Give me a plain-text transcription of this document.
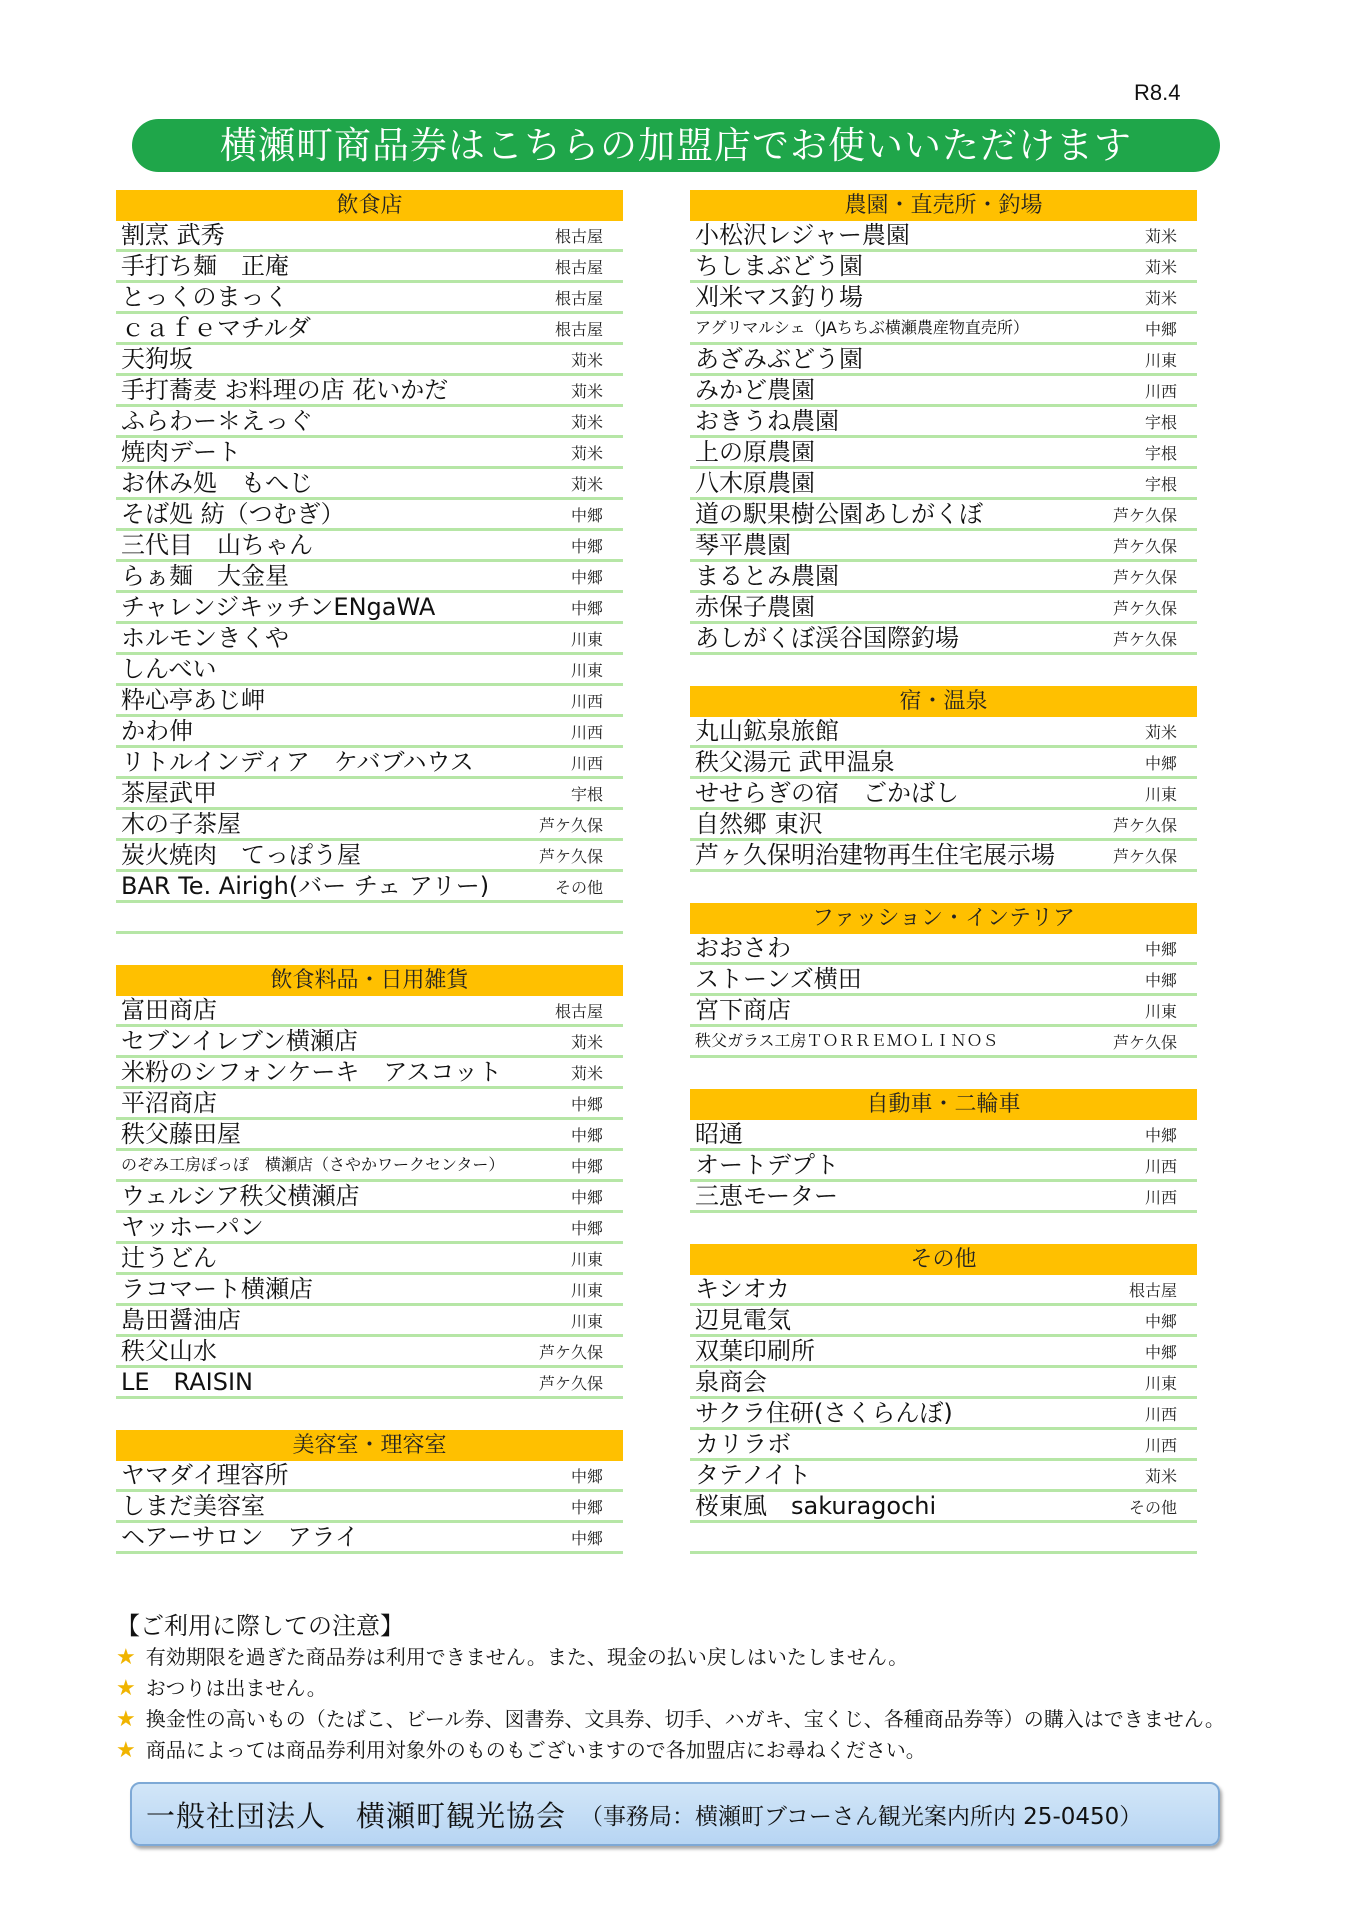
R8.4
横瀬町商品券はこちらの加盟店でお使いいただけます
飲食店
割烹 武秀	根古屋
手打ち麺　正庵	根古屋
とっくのまっく	根古屋
ｃａｆｅマチルダ	根古屋
天狗坂	苅米
手打蕎麦 お料理の店 花いかだ	苅米
ふらわー＊えっぐ	苅米
焼肉デート	苅米
お休み処　もへじ	苅米
そば処 紡（つむぎ）	中郷
三代目　山ちゃん	中郷
らぁ麺　大金星	中郷
チャレンジキッチンENgaWA	中郷
ホルモンきくや	川東
しんべい	川東
粋心亭あじ岬	川西
かわ伸	川西
リトルインディア　ケバブハウス	川西
茶屋武甲	宇根
木の子茶屋	芦ケ久保
炭火焼肉　てっぽう屋	芦ケ久保
BAR Te. Airigh(バー チェ アリー)	その他
飲食料品・日用雑貨
富田商店	根古屋
セブンイレブン横瀬店	苅米
米粉のシフォンケーキ　アスコット	苅米
平沼商店	中郷
秩父藤田屋	中郷
のぞみ工房ぽっぽ　横瀬店（さやかワークセンター）	中郷
ウェルシア秩父横瀬店	中郷
ヤッホーパン	中郷
辻うどん	川東
ラコマート横瀬店	川東
島田醤油店	川東
秩父山水	芦ケ久保
LE　RAISIN	芦ケ久保
美容室・理容室
ヤマダイ理容所	中郷
しまだ美容室	中郷
ヘアーサロン　アライ	中郷
農園・直売所・釣場
小松沢レジャー農園	苅米
ちしまぶどう園	苅米
刈米マス釣り場	苅米
アグリマルシェ（JAちちぶ横瀬農産物直売所）	中郷
あざみぶどう園	川東
みかど農園	川西
おきうね農園	宇根
上の原農園	宇根
八木原農園	宇根
道の駅果樹公園あしがくぼ	芦ケ久保
琴平農園	芦ケ久保
まるとみ農園	芦ケ久保
赤保子農園	芦ケ久保
あしがくぼ渓谷国際釣場	芦ケ久保
宿・温泉
丸山鉱泉旅館	苅米
秩父湯元 武甲温泉	中郷
せせらぎの宿　ごかばし	川東
自然郷 東沢	芦ケ久保
芦ヶ久保明治建物再生住宅展示場	芦ケ久保
ファッション・インテリア
おおさわ	中郷
ストーンズ横田	中郷
宮下商店	川東
秩父ガラス工房ＴＯＲＲＥＭＯＬＩＮＯＳ	芦ケ久保
自動車・二輪車
昭通	中郷
オートデプト	川西
三恵モーター	川西
その他
キシオカ	根古屋
辺見電気	中郷
双葉印刷所	中郷
泉商会	川東
サクラ住研(さくらんぼ)	川西
カリラボ	川西
タテノイト	苅米
桜東風　sakuragochi	その他
【ご利用に際しての注意】
★ 有効期限を過ぎた商品券は利用できません。また、現金の払い戻しはいたしません。
★ おつりは出ません。
★ 換金性の高いもの（たばこ、ビール券、図書券、文具券、切手、ハガキ、宝くじ、各種商品券等）の購入はできません。
★ 商品によっては商品券利用対象外のものもございますので各加盟店にお尋ねください。
一般社団法人　横瀬町観光協会 （事務局：横瀬町ブコーさん観光案内所内 25-0450）
